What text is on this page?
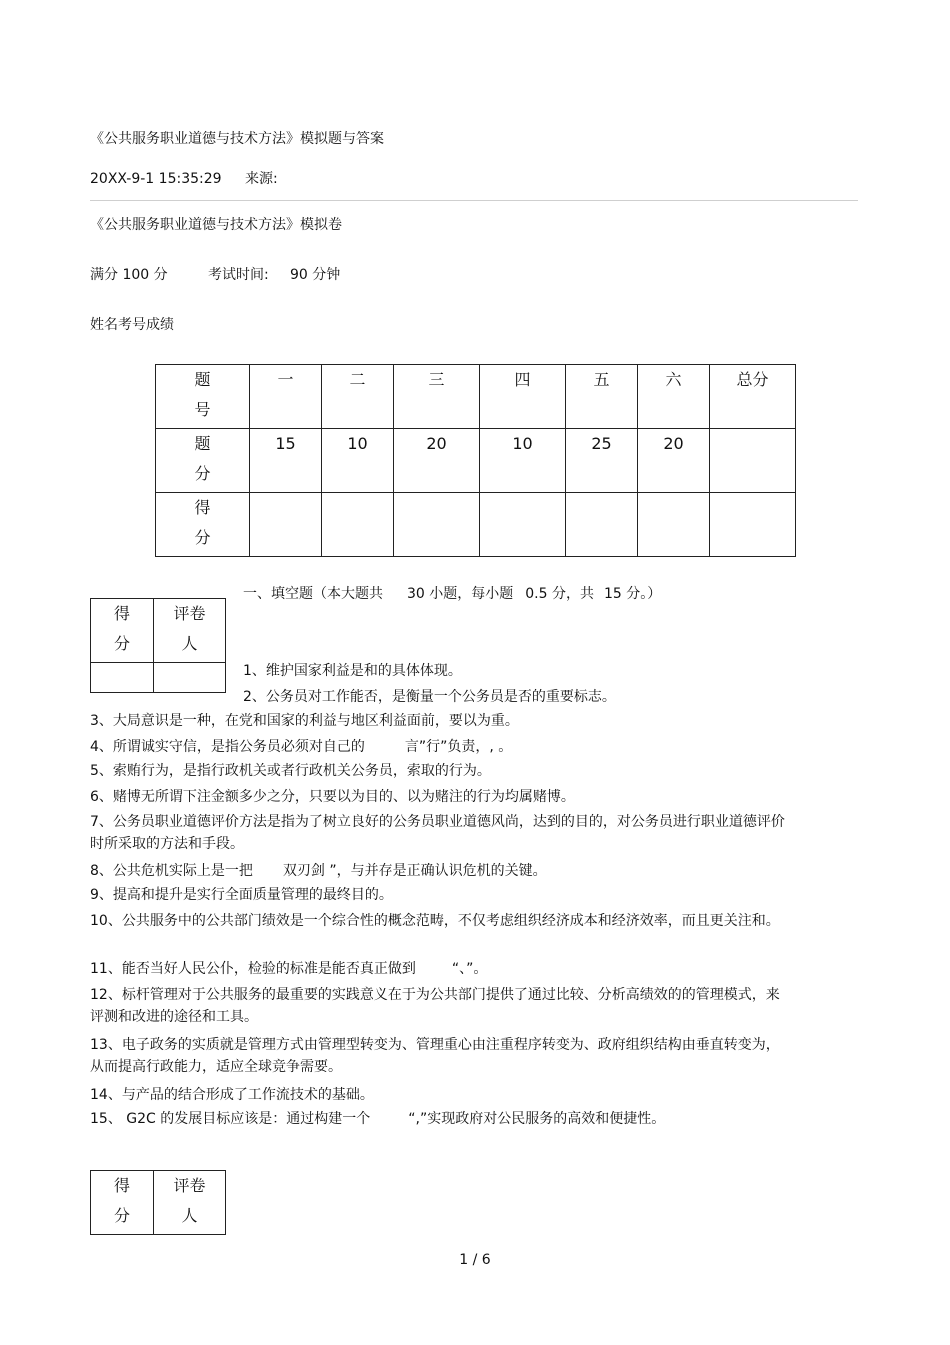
《公共服务职业道德与技术方法》模拟题与答案
20XX-9-1 15:35:29 来源:
《公共服务职业道德与技术方法》模拟卷
满分 100 分	考试时间: 90 分钟
姓名考号成绩
题
号	一	二	三	四	五	六	总分
题
分	15	10	20	10	25	20	
得
分							
一、填空题（本大题共 30 小题，每小题 0.5 分，共 15 分。）
得
分	评卷
人

1、维护国家利益是和的具体体现。
2、公务员对工作能否，是衡量一个公务员是否的重要标志。
3、大局意识是一种，在党和国家的利益与地区利益面前，要以为重。
4、所谓诚实守信，是指公务员必须对自己的	言”行”负责，, 。
5、索贿行为，是指行政机关或者行政机关公务员，索取的行为。
6、赌博无所谓下注金额多少之分，只要以为目的、以为赌注的行为均属赌博。
7、公务员职业道德评价方法是指为了树立良好的公务员职业道德风尚，达到的目的，对公务员进行职业道德评价时所采取的方法和手段。
8、公共危机实际上是一把 双刃剑 ”，与并存是正确认识危机的关键。
9、提高和提升是实行全面质量管理的最终目的。
10、公共服务中的公共部门绩效是一个综合性的概念范畴，不仅考虑组织经济成本和经济效率，而且更关注和。
11、能否当好人民公仆，检验的标准是能否真正做到	“、”。
12、标杆管理对于公共服务的最重要的实践意义在于为公共部门提供了通过比较、分析高绩效的的管理模式，来评测和改进的途径和工具。
13、电子政务的实质就是管理方式由管理型转变为、管理重心由注重程序转变为、政府组织结构由垂直转变为，从而提高行政能力，适应全球竞争需要。
14、与产品的结合形成了工作流技术的基础。
15、 G2C 的发展目标应该是：通过构建一个	“,”实现政府对公民服务的高效和便捷性。
得
分	评卷
人
1 / 6
